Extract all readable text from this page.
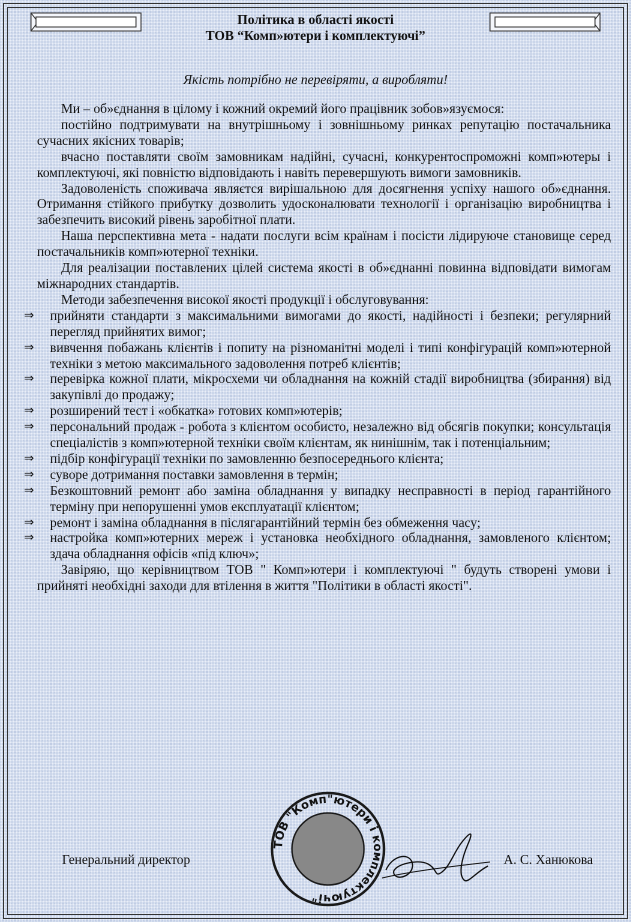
Політика в області якості
ТОВ “Комп»ютери і комплектуючі”
Якість потрібно не перевіряти, а виробляти!

Ми – об»єднання в цілому і кожний окремий його працівник зобов»язуємося:

постійно подтримувати на внутрішньому і зовнішньому ринках репутацію постачальника сучасних якісних товарів;

вчасно поставляти своїм замовникам надійні, сучасні, конкурентоспроможні комп»ютеры і комплектуючі, які повністю відповідають і навіть перевершують вимоги замовників.

Задоволеність споживача являєтся вирішальною для досягнення успіху нашого об»єднання. Отримання стійкого прибутку дозволить удосконалювати технології і організацію виробництва і забезпечить високий рівень заробітної плати.

Наша перспективна мета - надати послуги всім країнам і посісти лідируюче становище серед постачальників комп»ютерної техніки.

Для реалізации поставлених цілей система якості в об»єднанні повинна відповідати вимогам міжнародних стандартів.

Методи забезпечення високої якості продукції і обслуговування:

⇒	прийняти стандарти з максимальними вимогами до якості, надійності і безпеки; регулярний перегляд прийнятих вимог;
⇒	вивчення побажань клієнтів і попиту на різноманітні моделі і типі конфігурацій комп»ютерной техніки з метою максимального задоволення потреб клієнтів;
⇒	перевірка кожної плати, мікросхеми чи обладнання на кожній стадії виробництва (збирання) від закупівлі до продажу;
⇒	розширений тест і «обкатка» готових комп»ютерів;
⇒	персональний продаж - робота з клієнтом особисто, незалежно від обсягів покупки; консультація спеціалістів з комп»ютерной техніки своїм клієнтам, як нинішнім, так і потенціальним;
⇒	підбір конфігурації техніки по замовленню безпосереднього клієнта;
⇒	суворе дотримання поставки замовлення в термін;
⇒	Безкоштовний ремонт або заміна обладнання у випадку несправності в період гарантійного терміну при непорушенні умов експлуатації клієнтом;
⇒	ремонт і заміна обладнання в післягарантійний термін без обмеження часу;
⇒	настройка комп»ютерних мереж і установка необхідного обладнання, замовленого клієнтом; здача обладнання офісів «під ключ»;

Завіряю, що керівництвом ТОВ " Комп»ютери і комплектуючі " будуть створені умови і прийняті необхідні заходи для втілення в життя "Політики в області якості".

ТОВ "Комп"ютери і комплектуючі"
Генеральний директор	А. С. Ханюкова
